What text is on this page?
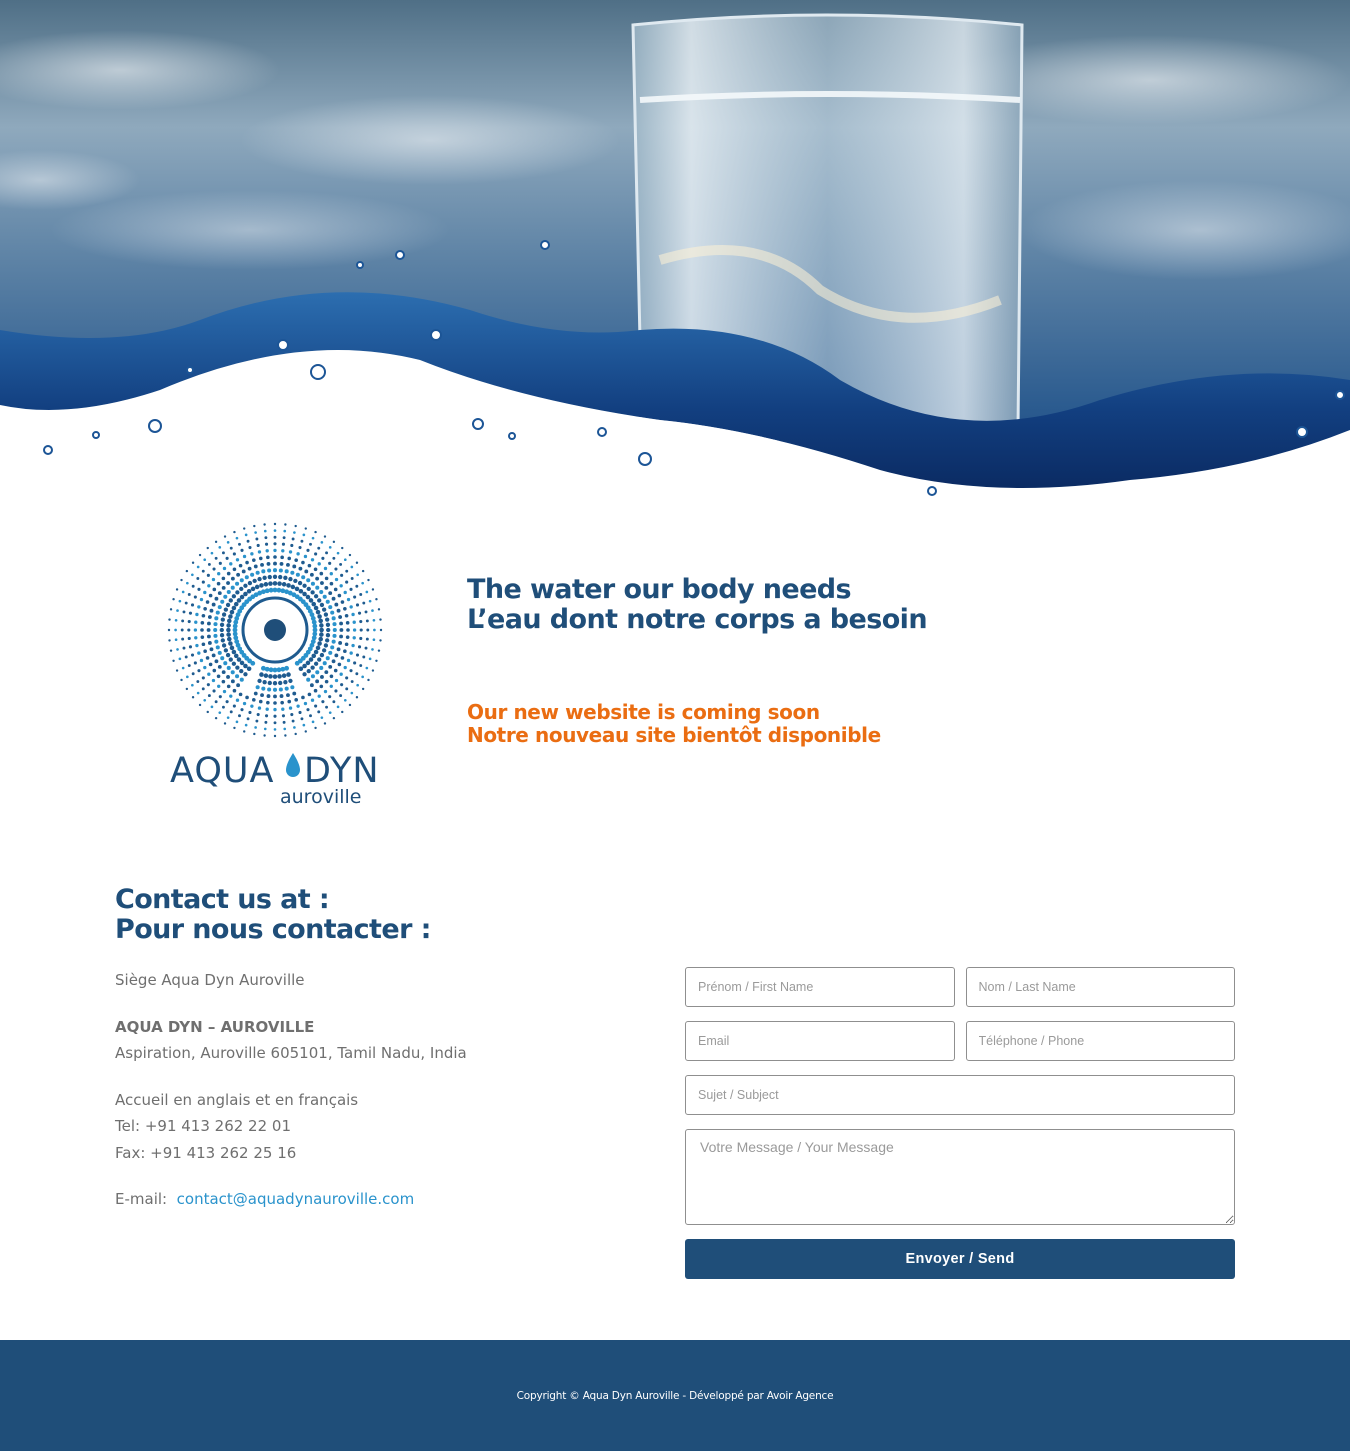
AQUA DYN
auroville
The water our body needs
L’eau dont notre corps a besoin
Our new website is coming soon
Notre nouveau site bientôt disponible
Contact us at :
Pour nous contacter :

Siège Aqua Dyn Auroville

AQUA DYN – AUROVILLE
Aspiration, Auroville 605101, Tamil Nadu, India

Accueil en anglais et en français
Tel: +91 413 262 22 01
Fax: +91 413 262 25 16

E-mail: contact@aquadynauroville.com

Prénom / First Name
Nom / Last Name
Email
Téléphone / Phone
Sujet / Subject
Votre Message / Your Message
Envoyer / Send
Copyright © Aqua Dyn Auroville - Développé par Avoir Agence
